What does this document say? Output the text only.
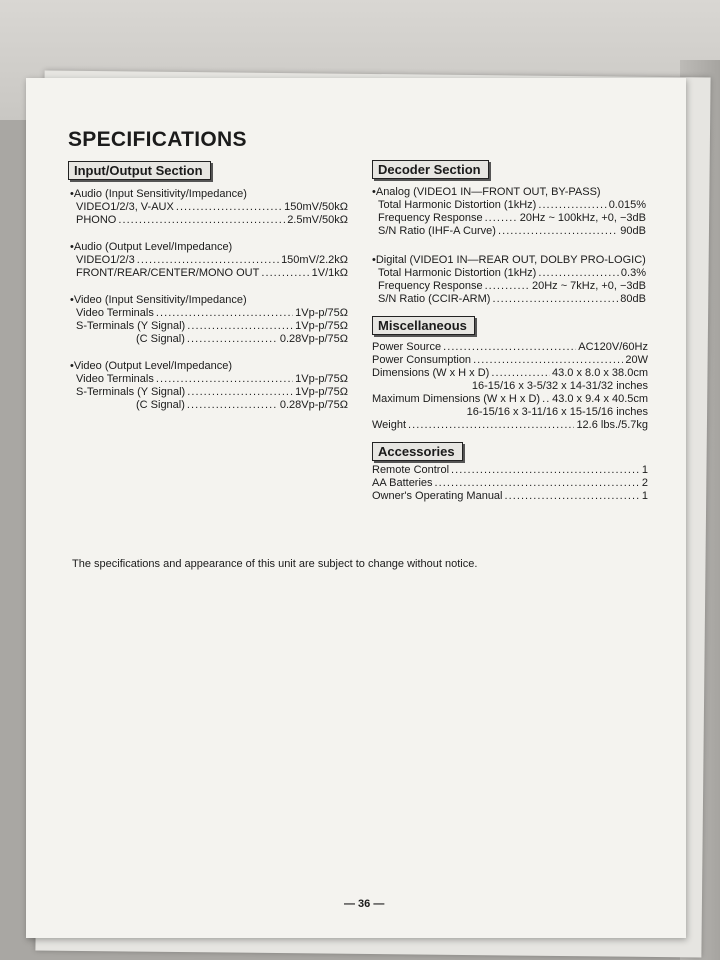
SPECIFICATIONS
Input/Output Section
•Audio (Input Sensitivity/Impedance)
VIDEO1/2/3, V-AUX . . .	150mV/50kΩ
PHONO . . .	2.5mV/50kΩ
•Audio (Output Level/Impedance)
VIDEO1/2/3 . . .	150mV/2.2kΩ
FRONT/REAR/CENTER/MONO OUT . . .	1V/1kΩ
•Video (Input Sensitivity/Impedance)
Video Terminals . . .	1Vp-p/75Ω
S-Terminals (Y Signal) . . .	1Vp-p/75Ω
(C Signal) . . .	0.28Vp-p/75Ω
•Video (Output Level/Impedance)
Video Terminals . . .	1Vp-p/75Ω
S-Terminals (Y Signal) . . .	1Vp-p/75Ω
(C Signal) . . .	0.28Vp-p/75Ω
Decoder Section
•Analog (VIDEO1 IN—FRONT OUT, BY-PASS)
Total Harmonic Distortion (1kHz) . . .	0.015%
Frequency Response . . .	20Hz ~ 100kHz, +0, −3dB
S/N Ratio (IHF-A Curve) . . .	90dB
•Digital (VIDEO1 IN—REAR OUT, DOLBY PRO-LOGIC)
Total Harmonic Distortion (1kHz) . . .	0.3%
Frequency Response . . .	20Hz ~ 7kHz, +0, −3dB
S/N Ratio (CCIR-ARM) . . .	80dB
Miscellaneous
Power Source . . .	AC120V/60Hz
Power Consumption . . .	20W
Dimensions (W x H x D) . . .	43.0 x 8.0 x 38.0cm
16-15/16 x 3-5/32 x 14-31/32 inches
Maximum Dimensions (W x H x D) . . . 43.0 x 9.4 x 40.5cm
16-15/16 x 3-11/16 x 15-15/16 inches
Weight . . .	12.6 lbs./5.7kg
Accessories
Remote Control . . .	1
AA Batteries . . .	2
Owner's Operating Manual . . .	1
The specifications and appearance of this unit are subject to change without notice.
— 36 —
